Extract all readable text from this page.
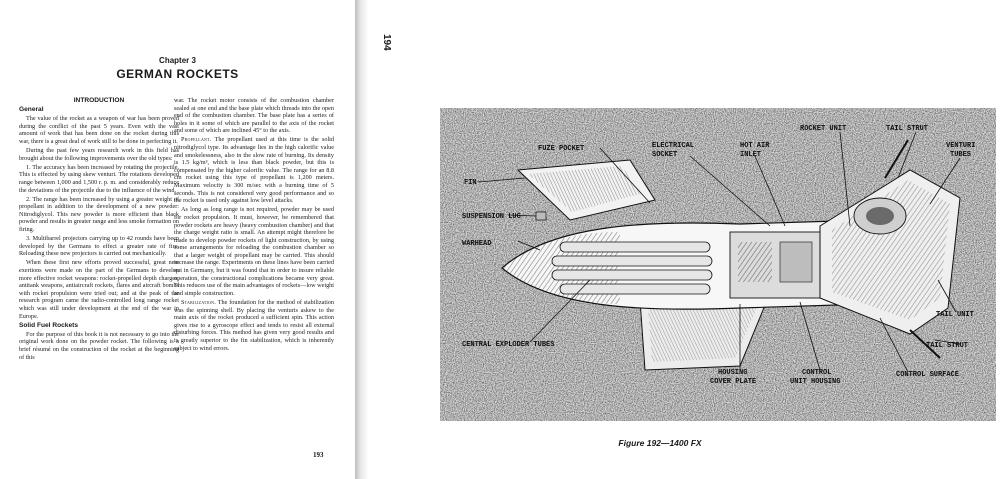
Chapter 3
GERMAN ROCKETS

INTRODUCTION

General

The value of the rocket as a weapon of war has been proved during the conflict of the past 5 years. Even with the vast amount of work that has been done on the rocket during this war, there is a great deal of work still to be done in perfecting it.

During the past few years research work in this field has brought about the following improvements over the old types:

1. The accuracy has been increased by rotating the projectile. This is effected by using skew venturi. The rotations developed range between 1,000 and 1,500 r. p. m. and considerably reduce the deviations of the projectile due to the influence of the wind.

2. The range has been increased by using a greater weight of propellant in addition to the development of a new powder: Nitrodiglycol. This new powder is more efficient than black powder and results in greater range and less smoke formation on firing.

3. Multibarrel projectors carrying up to 42 rounds have been developed by the Germans to effect a greater rate of fire. Reloading these new projectors is carried out mechanically.

When these first new efforts proved successful, great new exertions were made on the part of the Germans to develop more effective rocket weapons: rocket-propelled depth charges, antitank weapons, antiaircraft rockets, flares and aircraft bombs with rocket propulsion were tried out; and at the peak of the research program came the radio-controlled long range rocket which was still under development at the end of the war in Europe.

Solid Fuel Rockets

For the purpose of this book it is not necessary to go into the original work done on the powder rocket. The following is a brief résumé on the construction of the rocket at the beginning of this

war. The rocket motor consists of the combustion chamber sealed at one end and the base plate which threads into the open end of the combustion chamber. The base plate has a series of holes in it some of which are parallel to the axis of the rocket and some of which are inclined 45° to the axis.

Propellant. The propellant used at this time is the solid nitrodiglycol type. Its advantage lies in the high calorific value and smokelessness, also in the slow rate of burning. Its density is 1.5 kg/m³, which is less than black powder, but this is compensated by the higher calorific value. The range for an 8.8 cm rocket using this type of propellant is 1,200 meters. Maximum velocity is 300 m/sec with a burning time of 5 seconds. This is not considered very good performance and so the rocket is used only against low level attacks.

As long as long range is not required, powder may be used for rocket propulsion. It must, however, be remembered that powder rockets are heavy (heavy combustion chamber) and that the charge weight ratio is small. An attempt might therefore be made to develop powder rockets of light construction, by using some arrangements for reloading the combustion chamber so that a larger weight of propellant may be carried. This should increase the range. Experiments on these lines have been carried out in Germany, but it was found that in order to insure reliable operation, the constructional complications became very great. This reduces use of the main advantages of rockets—low weight and simple construction.

Stabilization. The foundation for the method of stabilization was the spinning shell. By placing the venturis askew to the main axis of the rocket produced a sufficient spin. This action gives rise to a gyroscope effect and tends to resist all external disturbing forces. This method has given very good results and is greatly superior to the fin stabilization, which is inherently subject to wind errors.

193
194
FUZE POCKET	ELECTRICAL
SOCKET
HOT AIR
INLET
ROCKET UNIT	TAIL STRUT
VENTURI
TUBES
FIN
SUSPENSION LUG
WARHEAD
CENTRAL EXPLODER TUBES
TAIL UNIT
TAIL STRUT
HOUSING
COVER PLATE
CONTROL
UNIT HOUSING
CONTROL SURFACE
Figure 192—1400 FX
